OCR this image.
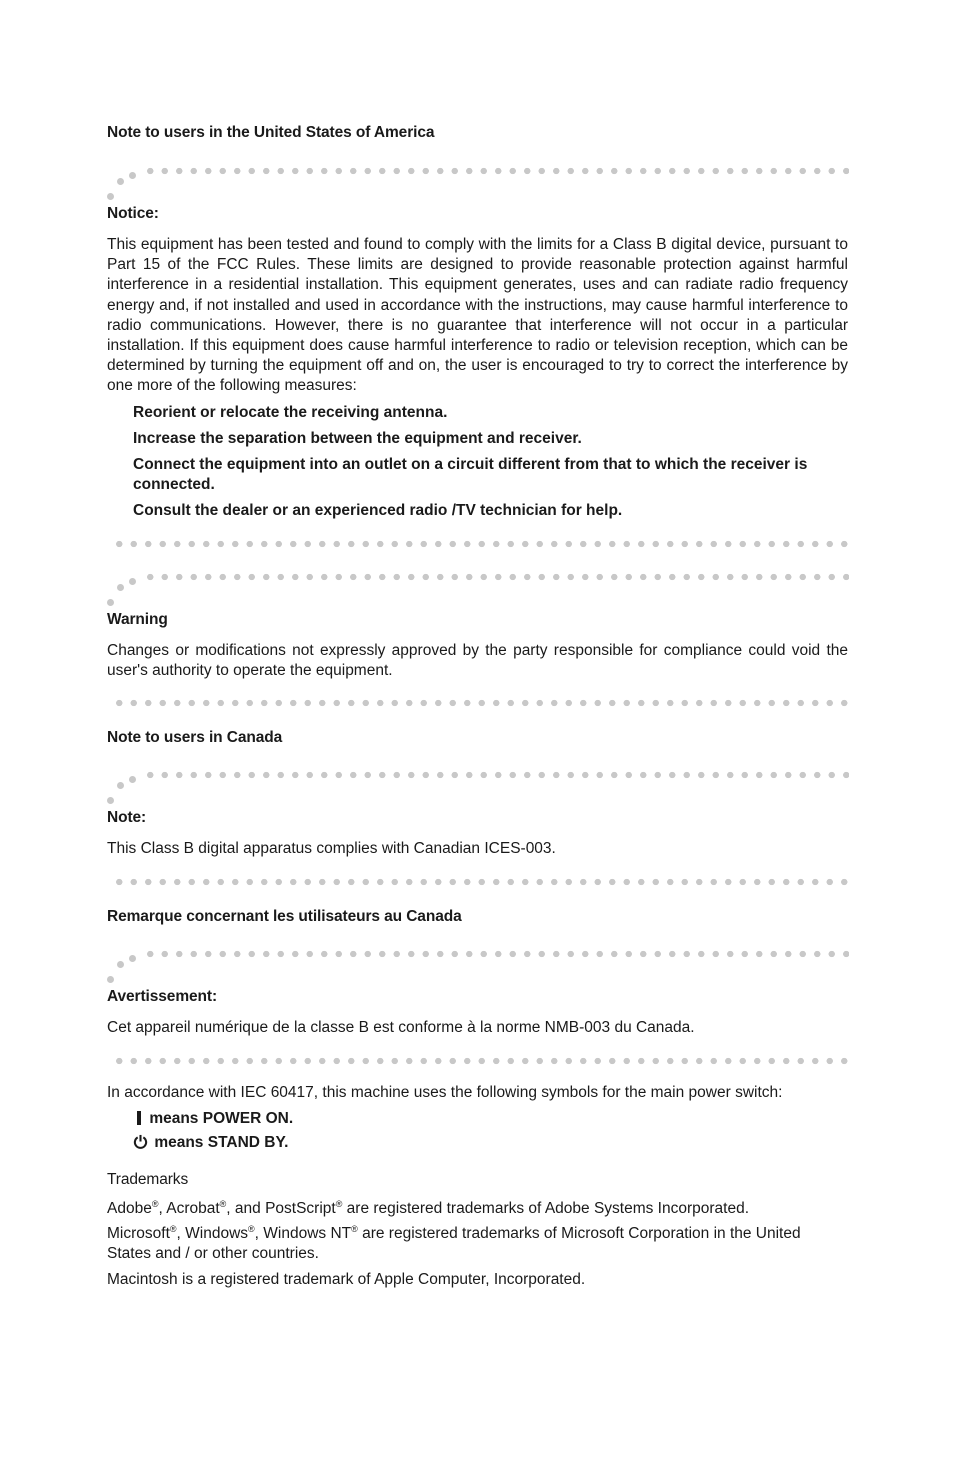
Note to users in the United States of America

Notice:

This equipment has been tested and found to comply with the limits for a Class B digital device, pursuant to Part 15 of the FCC Rules. These limits are designed to provide reasonable protection against harmful interference in a residential installation. This equipment generates, uses and can radiate radio frequency energy and, if not installed and used in accordance with the instructions, may cause harmful interference to radio communications. However, there is no guarantee that interference will not occur in a particular installation. If this equipment does cause harmful interference to radio or television reception, which can be determined by turning the equipment off and on, the user is encouraged to try to correct the interference by one more of the following measures:

Reorient or relocate the receiving antenna.

Increase the separation between the equipment and receiver.

Connect the equipment into an outlet on a circuit different from that to which the receiver is connected.

Consult the dealer or an experienced radio /TV technician for help.

Warning

Changes or modifications not expressly approved by the party responsible for compliance could void the user's authority to operate the equipment.

Note to users in Canada

Note:

This Class B digital apparatus complies with Canadian ICES-003.

Remarque concernant les utilisateurs au Canada

Avertissement:

Cet appareil numérique de la classe B est conforme à la norme NMB-003 du Canada.

In accordance with IEC 60417, this machine uses the following symbols for the main power switch:

means POWER ON.

means STAND BY.

Trademarks

Adobe®, Acrobat®, and PostScript® are registered trademarks of Adobe Systems Incorporated.

Microsoft®, Windows®, Windows NT® are registered trademarks of Microsoft Corporation in the United States and / or other countries.

Macintosh is a registered trademark of Apple Computer, Incorporated.
